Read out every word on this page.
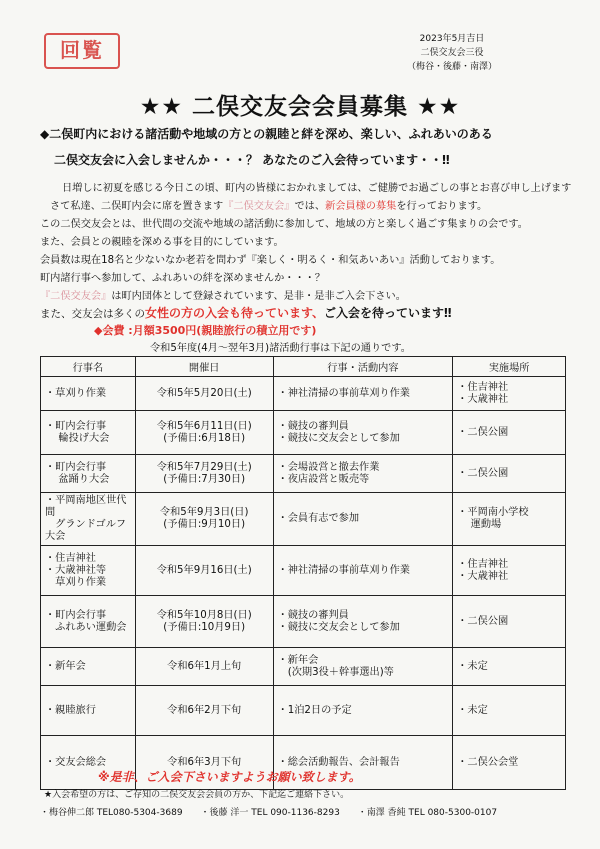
回覧	2023年5月吉日
二俣交友会三役
（梅谷・後藤・南澤）
★★ 二俣交友会会員募集 ★★
◆二俣町内における諸活動や地域の方との親睦と絆を深め、楽しい、ふれあいのある
二俣交友会に入会しませんか・・・？ あなたのご入会待っています・・‼
日増しに初夏を感じる今日この頃、町内の皆様におかれましては、ご健勝でお過ごしの事とお喜び申し上げます
さて私達、二俣町内会に席を置きます『二俣交友会』では、新会員様の募集を行っております。
この二俣交友会とは、世代間の交流や地域の諸活動に参加して、地域の方と楽しく過ごす集まりの会です。
また、会員との親睦を深める事を目的にしています。
会員数は現在18名と少ないなか老若を問わず『楽しく・明るく・和気あいあい』活動しております。
町内諸行事へ参加して、ふれあいの絆を深めませんか・・・？
『二俣交友会』は町内団体として登録されています、是非・是非ご入会下さい。
また、交友会は多くの女性の方の入会も待っています、ご入会を待っています‼
◆会費 :月額3500円(親睦旅行の積立用です)
令和5年度(4月～翌年3月)諸活動行事は下記の通りです。
行事名	開催日	行事・活動内容	実施場所
・草刈り作業	令和5年5月20日(土)	・神社清掃の事前草刈り作業	・住吉神社
・大歳神社
・町内会行事
　 輪投げ大会	令和5年6月11日(日)
(予備日:6月18日)	・競技の審判員
・競技に交友会として参加	・二俣公園
・町内会行事
　 盆踊り大会	令和5年7月29日(土)
(予備日:7月30日)	・会場設営と撤去作業
・夜店設営と販売等	・二俣公園
・平岡南地区世代間
　グランドゴルフ大会	令和5年9月3日(日)
(予備日:9月10日)	・会員有志で参加	・平岡南小学校
　 運動場
・住吉神社
・大歳神社等
　草刈り作業	令和5年9月16日(土)	・神社清掃の事前草刈り作業	・住吉神社
・大歳神社
・町内会行事
　ふれあい運動会	令和5年10月8日(日)
(予備日:10月9日)	・競技の審判員
・競技に交友会として参加	・二俣公園
・新年会	令和6年1月上旬	・新年会
　(次期3役＋幹事選出)等	・未定
・親睦旅行	令和6年2月下旬	・1泊2日の予定	・未定
・交友会総会	令和6年3月下旬	・総会活動報告、会計報告	・二俣公会堂
※是非、ご入会下さいますようお願い致します。
★入会希望の方は、ご存知の二俣交友会会員の方か、下記迄ご連絡下さい。
・梅谷伸二郎 TEL080-5304-3689　　・後藤 洋一 TEL 090-1136-8293　　・南澤 香純 TEL 080-5300-0107
